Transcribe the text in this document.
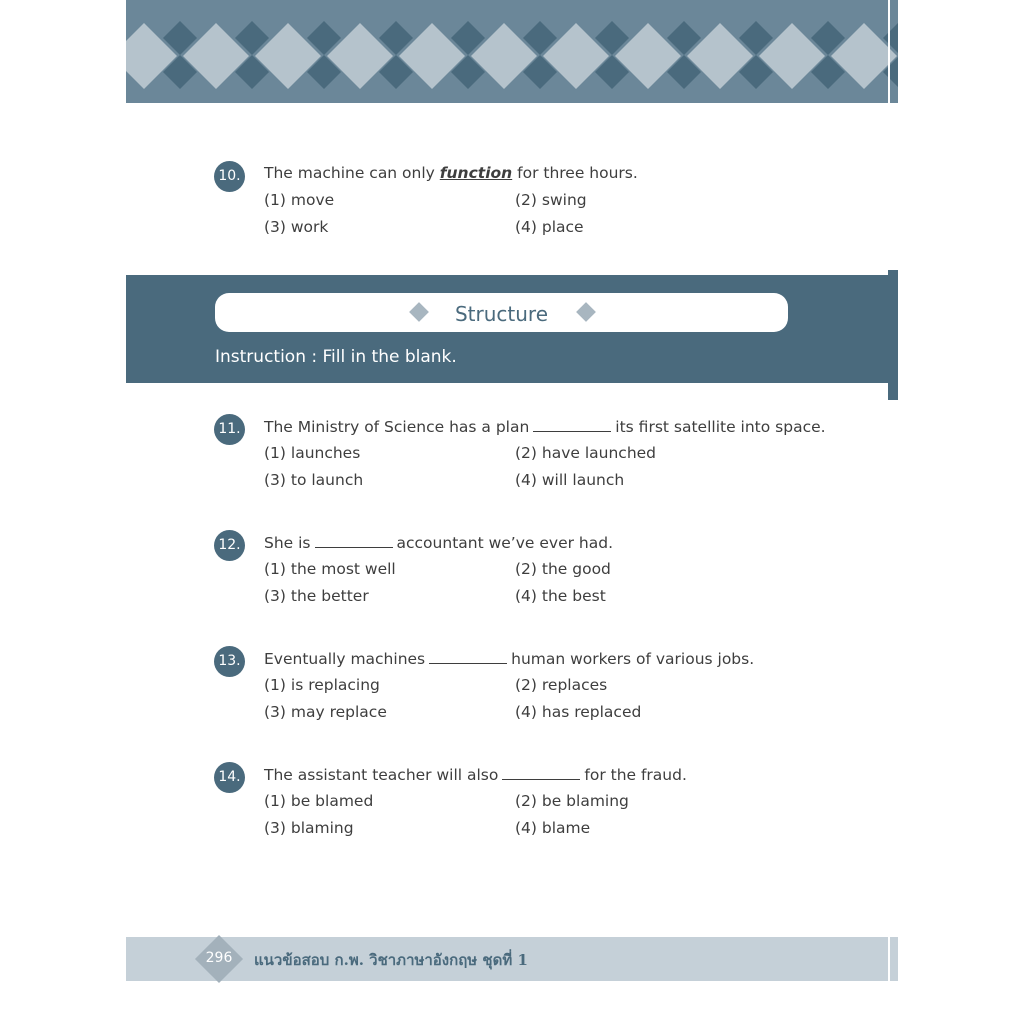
10. The machine can only function for three hours.
(1) move	(2) swing
(3) work	(4) place
Structure
Instruction : Fill in the blank.
11. The Ministry of Science has a plan	its first satellite into space.
(1) launches	(2) have launched
(3) to launch	(4) will launch
12. She is	accountant we’ve ever had.
(1) the most well	(2) the good
(3) the better	(4) the best
13. Eventually machines	human workers of various jobs.
(1) is replacing	(2) replaces
(3) may replace	(4) has replaced
14. The assistant teacher will also	for the fraud.
(1) be blamed	(2) be blaming
(3) blaming	(4) blame
296	แนวข้อสอบ ก.พ. วิชาภาษาอังกฤษ ชุดที่ 1
